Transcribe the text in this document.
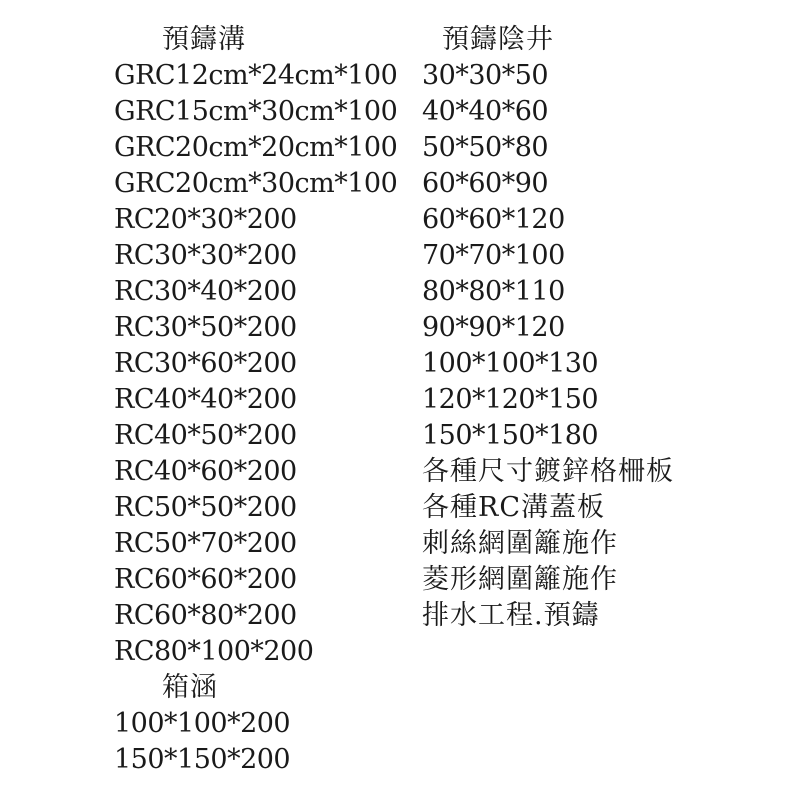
預鑄溝
GRC12cm*24cm*100
GRC15cm*30cm*100
GRC20cm*20cm*100
GRC20cm*30cm*100
RC20*30*200
RC30*30*200
RC30*40*200
RC30*50*200
RC30*60*200
RC40*40*200
RC40*50*200
RC40*60*200
RC50*50*200
RC50*70*200
RC60*60*200
RC60*80*200
RC80*100*200
箱涵
100*100*200
150*150*200
預鑄陰井
30*30*50
40*40*60
50*50*80
60*60*90
60*60*120
70*70*100
80*80*110
90*90*120
100*100*130
120*120*150
150*150*180
各種尺寸鍍鋅格柵板
各種RC溝蓋板
刺絲網圍籬施作
菱形網圍籬施作
排水工程.預鑄
